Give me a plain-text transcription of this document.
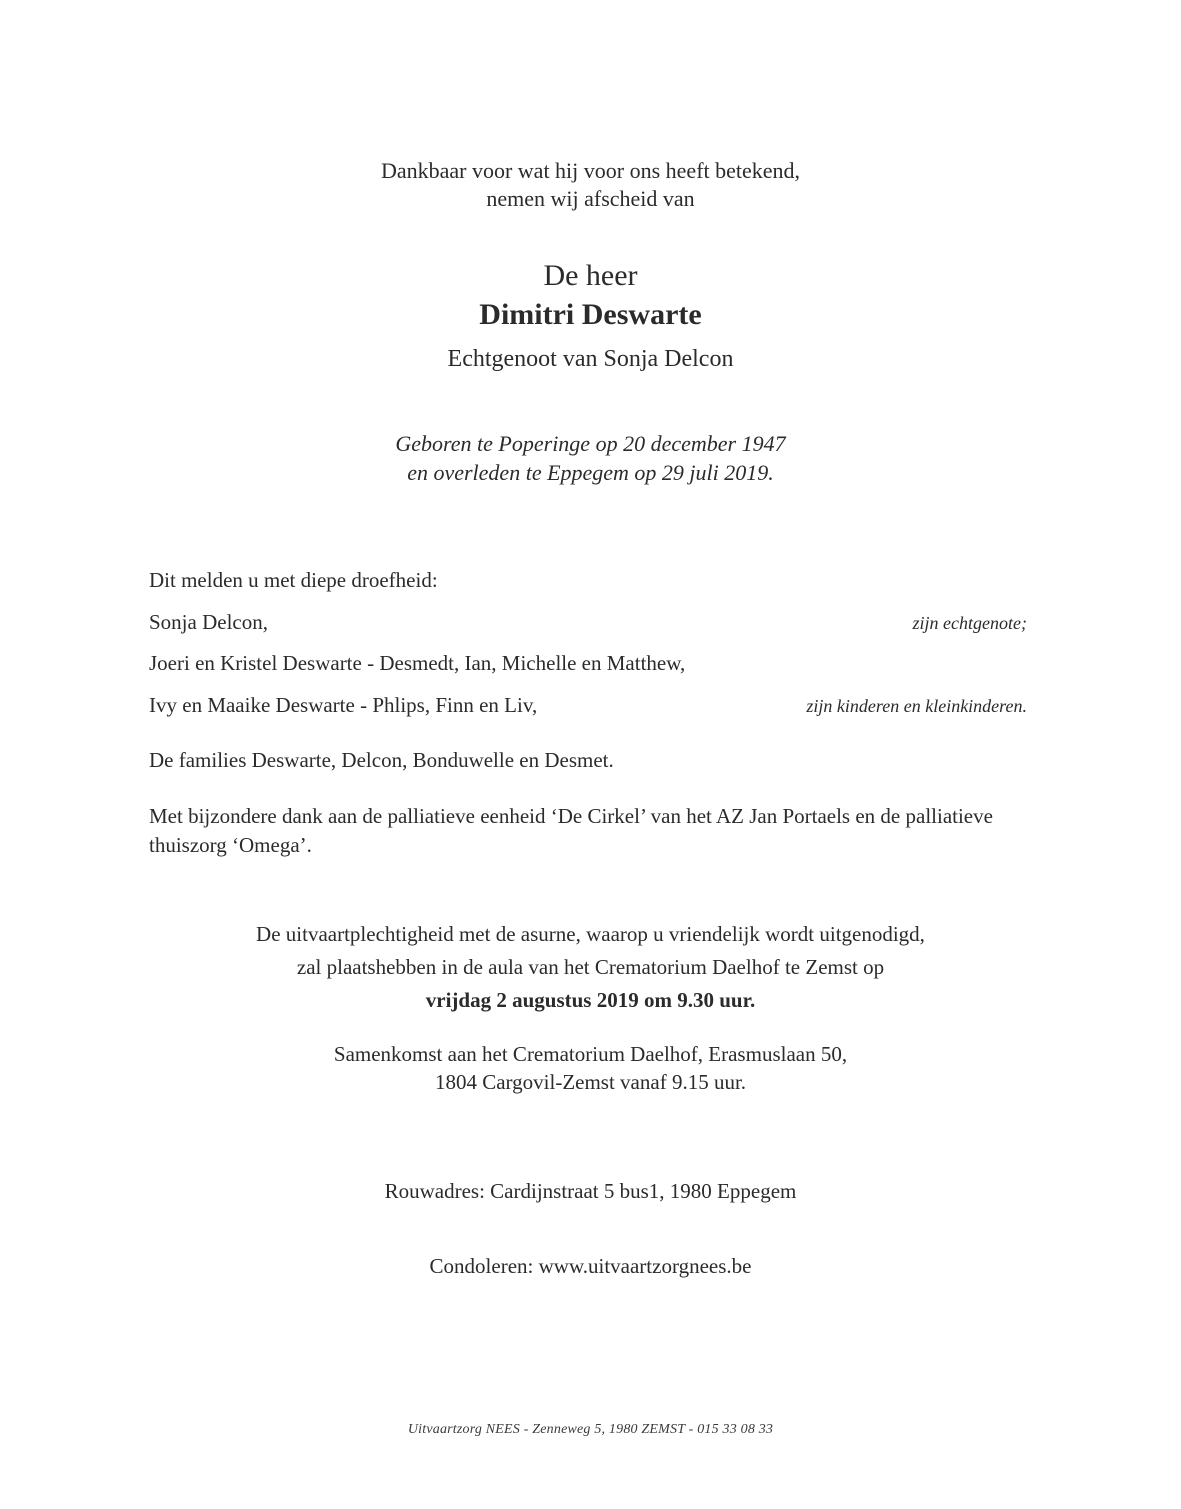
Dankbaar voor wat hij voor ons heeft betekend,
nemen wij afscheid van
De heer
Dimitri Deswarte
Echtgenoot van Sonja Delcon
Geboren te Poperinge op 20 december 1947
en overleden te Eppegem op 29 juli 2019.
Dit melden u met diepe droefheid:
Sonja Delcon,	zijn echtgenote;
Joeri en Kristel Deswarte - Desmedt, Ian, Michelle en Matthew,
Ivy en Maaike Deswarte - Phlips, Finn en Liv,	zijn kinderen en kleinkinderen.
De families Deswarte, Delcon, Bonduwelle en Desmet.
Met bijzondere dank aan de palliatieve eenheid ‘De Cirkel’ van het AZ Jan Portaels en de palliatieve thuiszorg ‘Omega’.
De uitvaartplechtigheid met de asurne, waarop u vriendelijk wordt uitgenodigd,
zal plaatshebben in de aula van het Crematorium Daelhof te Zemst op
vrijdag 2 augustus 2019 om 9.30 uur.
Samenkomst aan het Crematorium Daelhof, Erasmuslaan 50,
1804 Cargovil-Zemst vanaf 9.15 uur.
Rouwadres: Cardijnstraat 5 bus1, 1980 Eppegem
Condoleren: www.uitvaartzorgnees.be
Uitvaartzorg NEES - Zenneweg 5, 1980 ZEMST - 015 33 08 33
